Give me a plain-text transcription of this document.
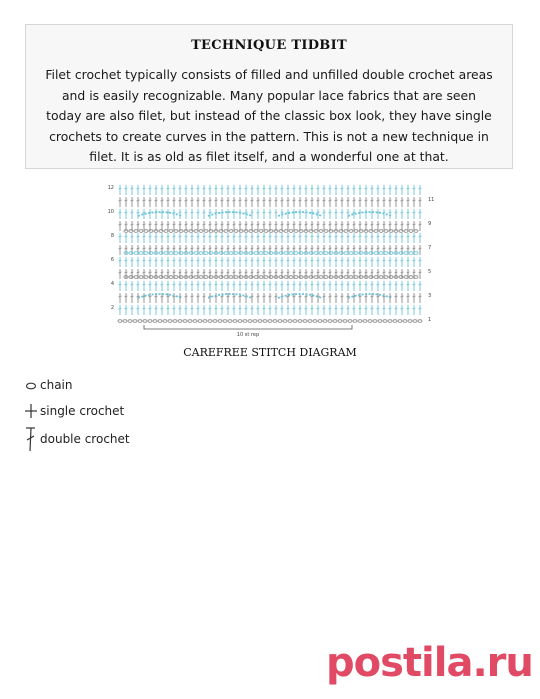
TECHNIQUE TIDBIT
Filet crochet typically consists of filled and unfilled double crochet areas
and is easily recognizable. Many popular lace fabrics that are seen
today are also filet, but instead of the classic box look, they have single
crochets to create curves in the pattern. This is not a new technique in
filet. It is as old as filet itself, and a wonderful one at that.
10 st rep
12
10
8
6
4
2
11
9
7
5
3
1
CAREFREE STITCH DIAGRAM
chain
single crochet
double crochet
postila.ru
